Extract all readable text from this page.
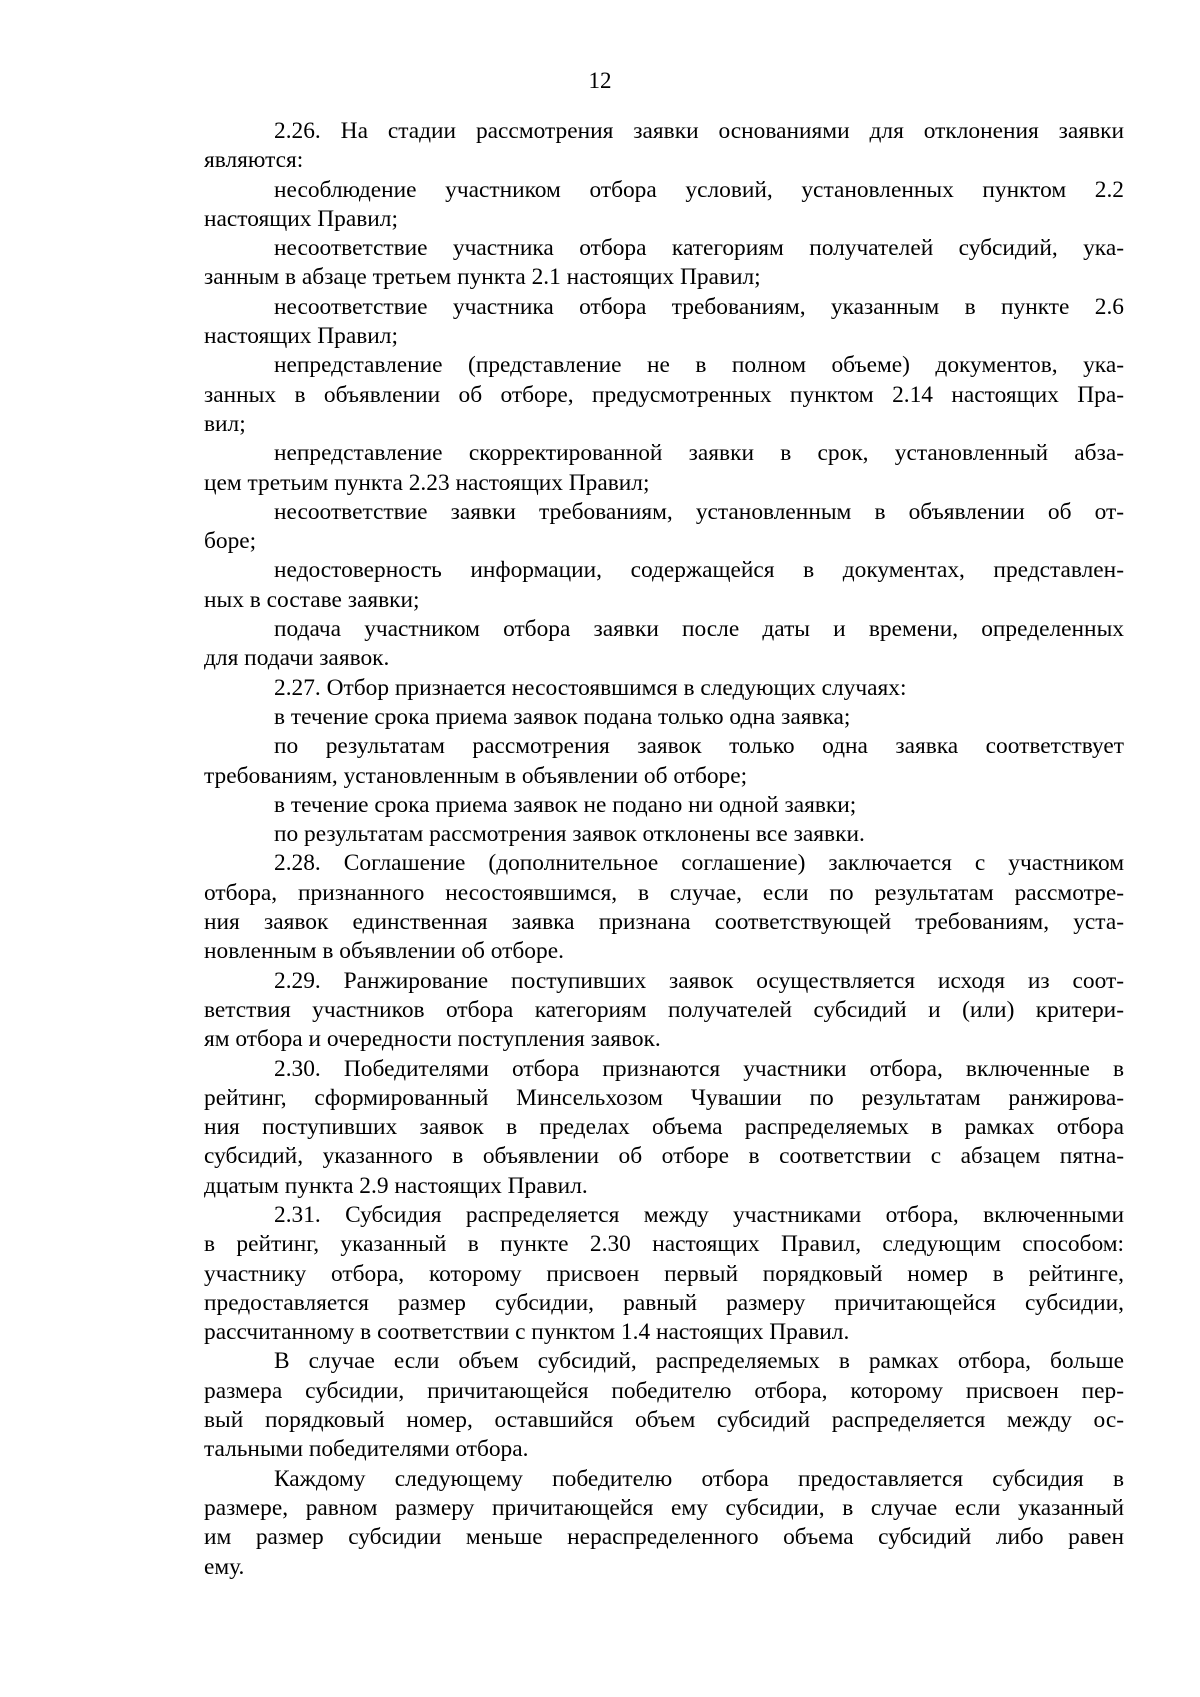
12
2.26. На стадии рассмотрения заявки основаниями для отклонения заявки
являются:
несоблюдение участником отбора условий, установленных пунктом 2.2
настоящих Правил;
несоответствие участника отбора категориям получателей субсидий, ука-
занным в абзаце третьем пункта 2.1 настоящих Правил;
несоответствие участника отбора требованиям, указанным в пункте 2.6
настоящих Правил;
непредставление (представление не в полном объеме) документов, ука-
занных в объявлении об отборе, предусмотренных пунктом 2.14 настоящих Пра-
вил;
непредставление скорректированной заявки в срок, установленный абза-
цем третьим пункта 2.23 настоящих Правил;
несоответствие заявки требованиям, установленным в объявлении об от-
боре;
недостоверность информации, содержащейся в документах, представлен-
ных в составе заявки;
подача участником отбора заявки после даты и времени, определенных
для подачи заявок.
2.27. Отбор признается несостоявшимся в следующих случаях:
в течение срока приема заявок подана только одна заявка;
по результатам рассмотрения заявок только одна заявка соответствует
требованиям, установленным в объявлении об отборе;
в течение срока приема заявок не подано ни одной заявки;
по результатам рассмотрения заявок отклонены все заявки.
2.28. Соглашение (дополнительное соглашение) заключается с участником
отбора, признанного несостоявшимся, в случае, если по результатам рассмотре-
ния заявок единственная заявка признана соответствующей требованиям, уста-
новленным в объявлении об отборе.
2.29. Ранжирование поступивших заявок осуществляется исходя из соот-
ветствия участников отбора категориям получателей субсидий и (или) критери-
ям отбора и очередности поступления заявок.
2.30. Победителями отбора признаются участники отбора, включенные в
рейтинг, сформированный Минсельхозом Чувашии по результатам ранжирова-
ния поступивших заявок в пределах объема распределяемых в рамках отбора
субсидий, указанного в объявлении об отборе в соответствии с абзацем пятна-
дцатым пункта 2.9 настоящих Правил.
2.31. Субсидия распределяется между участниками отбора, включенными
в рейтинг, указанный в пункте 2.30 настоящих Правил, следующим способом:
участнику отбора, которому присвоен первый порядковый номер в рейтинге,
предоставляется размер субсидии, равный размеру причитающейся субсидии,
рассчитанному в соответствии с пунктом 1.4 настоящих Правил.
В случае если объем субсидий, распределяемых в рамках отбора, больше
размера субсидии, причитающейся победителю отбора, которому присвоен пер-
вый порядковый номер, оставшийся объем субсидий распределяется между ос-
тальными победителями отбора.
Каждому следующему победителю отбора предоставляется субсидия в
размере, равном размеру причитающейся ему субсидии, в случае если указанный
им размер субсидии меньше нераспределенного объема субсидий либо равен
ему.
